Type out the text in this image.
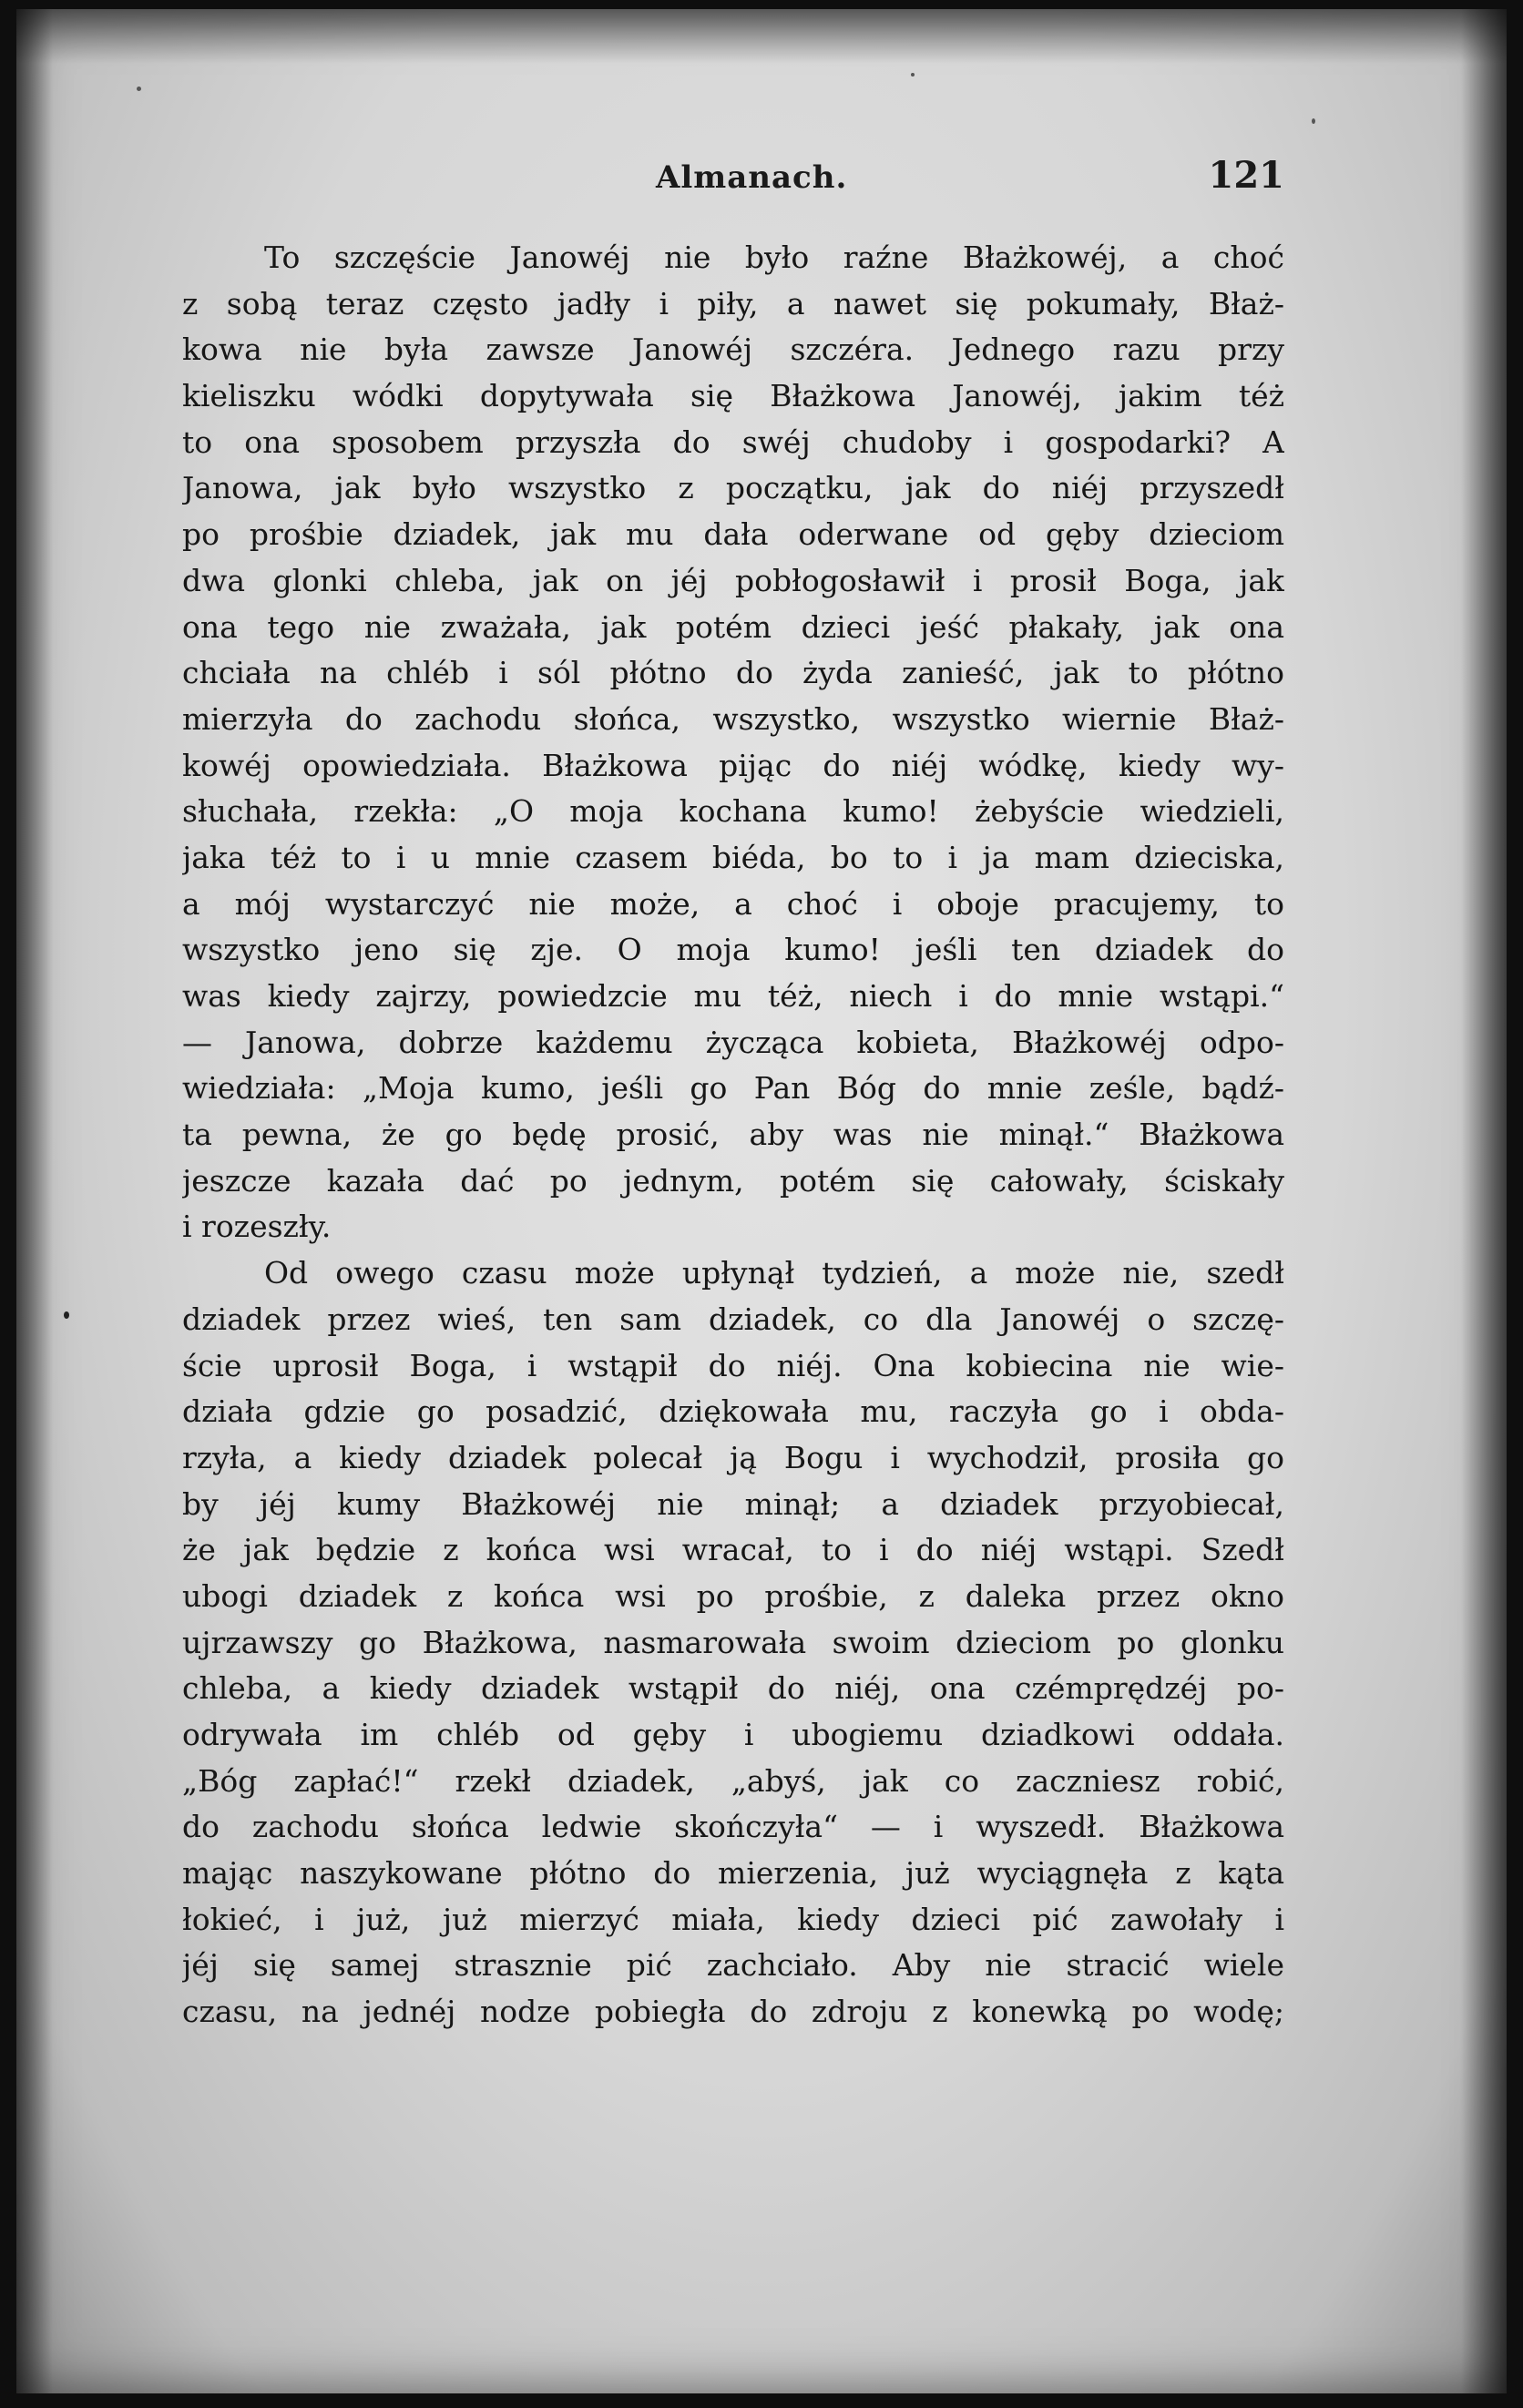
Almanach.	121
To szczęście Janowéj nie było raźne Błażkowéj, a choć
z sobą teraz często jadły i piły, a nawet się pokumały, Błaż-
kowa nie była zawsze Janowéj szczéra. Jednego razu przy
kieliszku wódki dopytywała się Błażkowa Janowéj, jakim téż
to ona sposobem przyszła do swéj chudoby i gospodarki? A
Janowa, jak było wszystko z początku, jak do niéj przyszedł
po prośbie dziadek, jak mu dała oderwane od gęby dzieciom
dwa glonki chleba, jak on jéj pobłogosławił i prosił Boga, jak
ona tego nie zważała, jak potém dzieci jeść płakały, jak ona
chciała na chléb i sól płótno do żyda zanieść, jak to płótno
mierzyła do zachodu słońca, wszystko, wszystko wiernie Błaż-
kowéj opowiedziała. Błażkowa pijąc do niéj wódkę, kiedy wy-
słuchała, rzekła: „O moja kochana kumo! żebyście wiedzieli,
jaka téż to i u mnie czasem biéda, bo to i ja mam dzieciska,
a mój wystarczyć nie może, a choć i oboje pracujemy, to
wszystko jeno się zje. O moja kumo! jeśli ten dziadek do
was kiedy zajrzy, powiedzcie mu téż, niech i do mnie wstąpi.“
— Janowa, dobrze każdemu życząca kobieta, Błażkowéj odpo-
wiedziała: „Moja kumo, jeśli go Pan Bóg do mnie ześle, bądź-
ta pewna, że go będę prosić, aby was nie minął.“ Błażkowa
jeszcze kazała dać po jednym, potém się całowały, ściskały
i rozeszły.
Od owego czasu może upłynął tydzień, a może nie, szedł
dziadek przez wieś, ten sam dziadek, co dla Janowéj o szczę-
ście uprosił Boga, i wstąpił do niéj. Ona kobiecina nie wie-
działa gdzie go posadzić, dziękowała mu, raczyła go i obda-
rzyła, a kiedy dziadek polecał ją Bogu i wychodził, prosiła go
by jéj kumy Błażkowéj nie minął; a dziadek przyobiecał,
że jak będzie z końca wsi wracał, to i do niéj wstąpi. Szedł
ubogi dziadek z końca wsi po prośbie, z daleka przez okno
ujrzawszy go Błażkowa, nasmarowała swoim dzieciom po glonku
chleba, a kiedy dziadek wstąpił do niéj, ona czémprędzéj po-
odrywała im chléb od gęby i ubogiemu dziadkowi oddała.
„Bóg zapłać!“ rzekł dziadek, „abyś, jak co zaczniesz robić,
do zachodu słońca ledwie skończyła“ — i wyszedł. Błażkowa
mając naszykowane płótno do mierzenia, już wyciągnęła z kąta
łokieć, i już, już mierzyć miała, kiedy dzieci pić zawołały i
jéj się samej strasznie pić zachciało. Aby nie stracić wiele
czasu, na jednéj nodze pobiegła do zdroju z konewką po wodę;
